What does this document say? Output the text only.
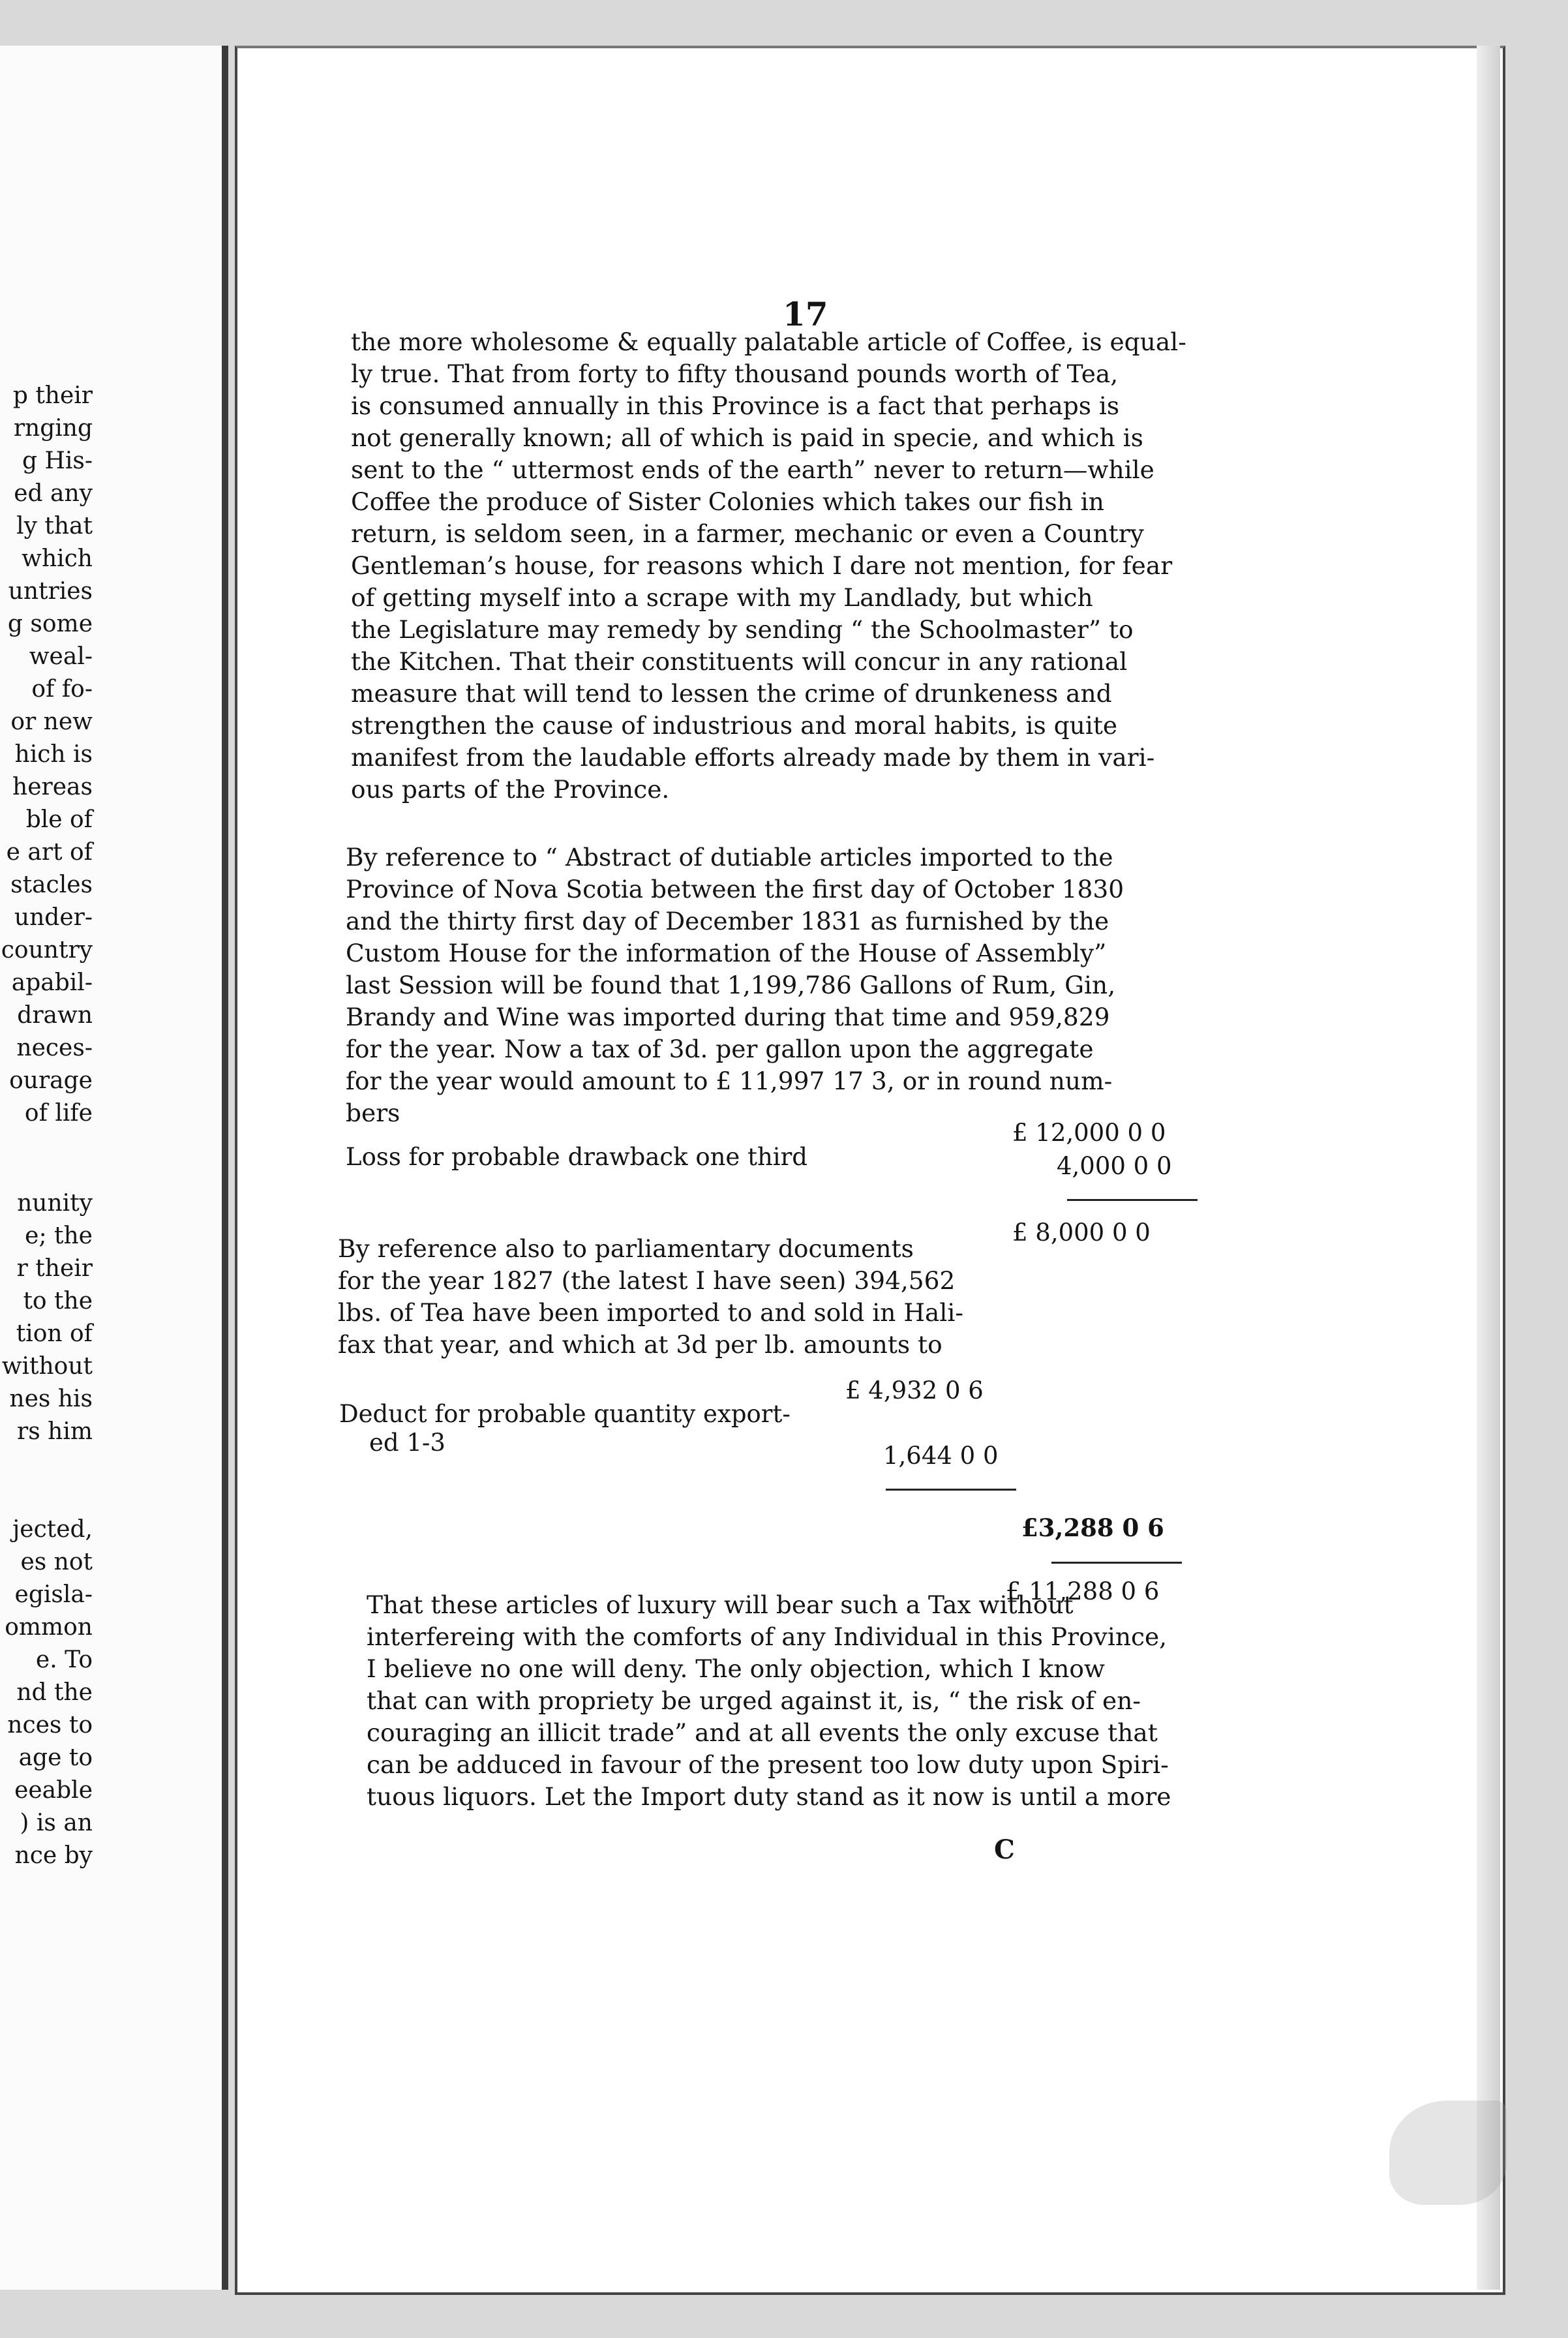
p their
rnging
g His-
ed any
ly that
which
untries
g some
weal-
of fo-
or new
hich is
hereas
ble of
e art of
stacles
under-
country
apabil-
drawn
neces-
ourage
of life

nunity
e; the
r their
to the
tion of
without
nes his
rs him

jected,
es not
egisla-
ommon
e. To
nd the
nces to
age to
eeable
) is an
nce by

17
the more wholesome & equally palatable article of Coffee, is equal-
ly true. That from forty to fifty thousand pounds worth of Tea,
is consumed annually in this Province is a fact that perhaps is
not generally known; all of which is paid in specie, and which is
sent to the “ uttermost ends of the earth” never to return—while
Coffee the produce of Sister Colonies which takes our fish in
return, is seldom seen, in a farmer, mechanic or even a Country
Gentleman’s house, for reasons which I dare not mention, for fear
of getting myself into a scrape with my Landlady, but which
the Legislature may remedy by sending “ the Schoolmaster” to
the Kitchen. That their constituents will concur in any rational
measure that will tend to lessen the crime of drunkeness and
strengthen the cause of industrious and moral habits, is quite
manifest from the laudable efforts already made by them in vari-
ous parts of the Province.
By reference to “ Abstract of dutiable articles imported to the
Province of Nova Scotia between the first day of October 1830
and the thirty first day of December 1831 as furnished by the
Custom House for the information of the House of Assembly”
last Session will be found that 1,199,786 Gallons of Rum, Gin,
Brandy and Wine was imported during that time and 959,829
for the year. Now a tax of 3d. per gallon upon the aggregate
for the year would amount to £ 11,997 17 3, or in round num-
bers
£ 12,000 0 0
Loss for probable drawback one third	4,000 0 0
£ 8,000 0 0
By reference also to parliamentary documents
for the year 1827 (the latest I have seen) 394,562
lbs. of Tea have been imported to and sold in Hali-
fax that year, and which at 3d per lb. amounts to
£ 4,932 0 6
Deduct for probable quantity export-
ed 1-3	1,644 0 0
£3,288 0 6
£ 11,288 0 6
That these articles of luxury will bear such a Tax without
interfereing with the comforts of any Individual in this Province,
I believe no one will deny. The only objection, which I know
that can with propriety be urged against it, is, “ the risk of en-
couraging an illicit trade” and at all events the only excuse that
can be adduced in favour of the present too low duty upon Spiri-
tuous liquors. Let the Import duty stand as it now is until a more
C
